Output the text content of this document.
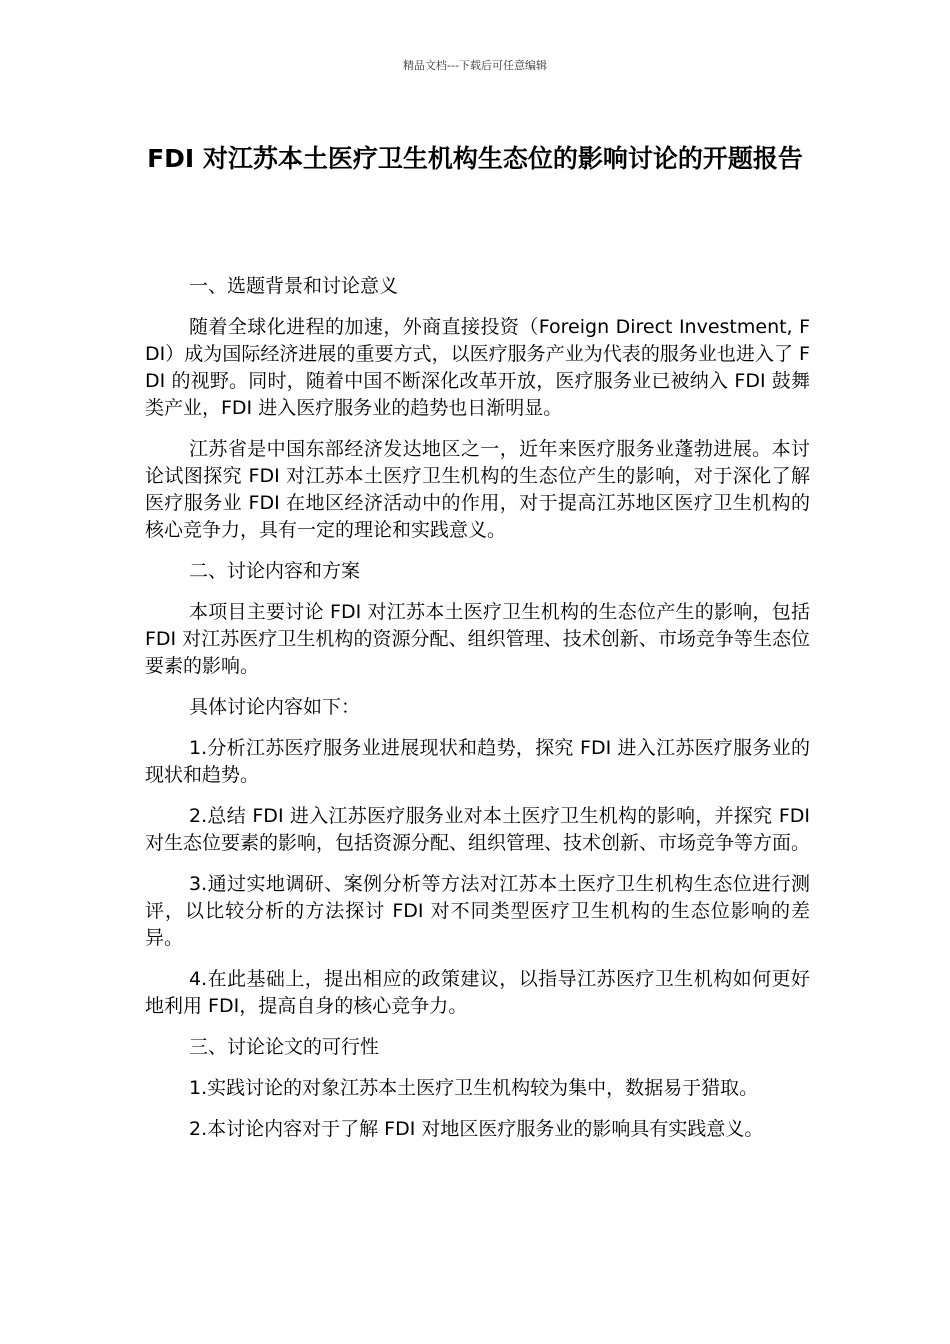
精品文档---下载后可任意编辑
FDI 对江苏本土医疗卫生机构生态位的影响讨论的开题报告

一、选题背景和讨论意义

随着全球化进程的加速，外商直接投资（Foreign Direct Investment, FDI）成为国际经济进展的重要方式，以医疗服务产业为代表的服务业也进入了 FDI 的视野。同时，随着中国不断深化改革开放，医疗服务业已被纳入 FDI 鼓舞类产业，FDI 进入医疗服务业的趋势也日渐明显。

江苏省是中国东部经济发达地区之一，近年来医疗服务业蓬勃进展。本讨论试图探究 FDI 对江苏本土医疗卫生机构的生态位产生的影响，对于深化了解医疗服务业 FDI 在地区经济活动中的作用，对于提高江苏地区医疗卫生机构的核心竞争力，具有一定的理论和实践意义。

二、讨论内容和方案

本项目主要讨论 FDI 对江苏本土医疗卫生机构的生态位产生的影响，包括 FDI 对江苏医疗卫生机构的资源分配、组织管理、技术创新、市场竞争等生态位要素的影响。

具体讨论内容如下：

1.分析江苏医疗服务业进展现状和趋势，探究 FDI 进入江苏医疗服务业的现状和趋势。

2.总结 FDI 进入江苏医疗服务业对本土医疗卫生机构的影响，并探究 FDI 对生态位要素的影响，包括资源分配、组织管理、技术创新、市场竞争等方面。

3.通过实地调研、案例分析等方法对江苏本土医疗卫生机构生态位进行测评，以比较分析的方法探讨 FDI 对不同类型医疗卫生机构的生态位影响的差异。

4.在此基础上，提出相应的政策建议，以指导江苏医疗卫生机构如何更好地利用 FDI，提高自身的核心竞争力。

三、讨论论文的可行性

1.实践讨论的对象江苏本土医疗卫生机构较为集中，数据易于猎取。

2.本讨论内容对于了解 FDI 对地区医疗服务业的影响具有实践意义。
